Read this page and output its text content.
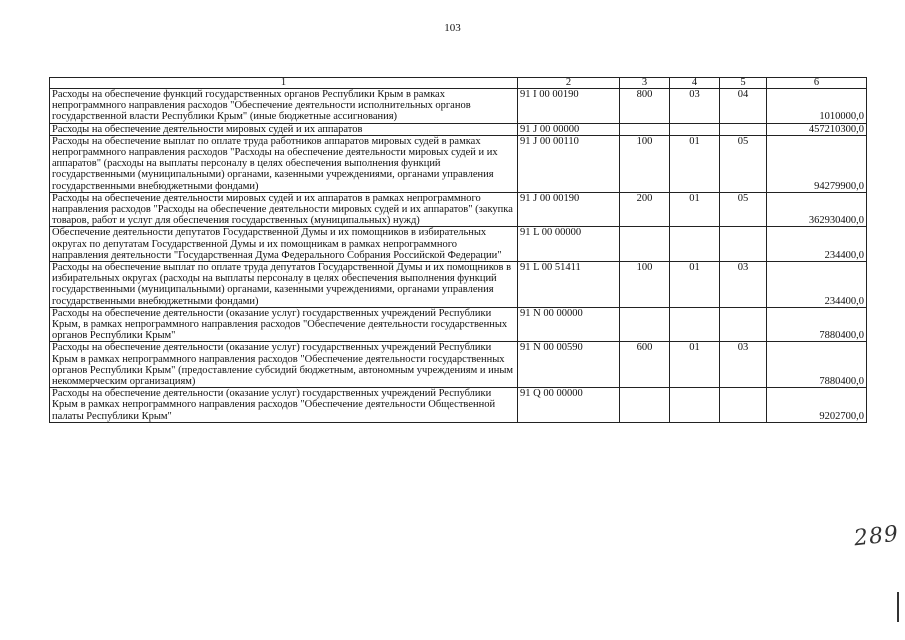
103
1	2	3	4	5	6
Расходы на обеспечение функций государственных органов Республики Крым в рамках непрограммного направления расходов "Обеспечение деятельности исполнительных органов государственной власти Республики Крым" (иные бюджетные ассигнования)	91 I 00 00190	800	03	04	1010000,0
Расходы на обеспечение деятельности мировых судей и их аппаратов	91 J 00 00000				457210300,0
Расходы на обеспечение выплат по оплате труда работников аппаратов мировых судей в рамках непрограммного направления расходов "Расходы на обеспечение деятельности мировых судей и их аппаратов" (расходы на выплаты персоналу в целях обеспечения выполнения функций государственными (муниципальными) органами, казенными учреждениями, органами управления государственными внебюджетными фондами)	91 J 00 00110	100	01	05	94279900,0
Расходы на обеспечение деятельности мировых судей и их аппаратов в рамках непрограммного направления расходов "Расходы на обеспечение деятельности мировых судей и их аппаратов" (закупка товаров, работ и услуг для обеспечения государственных (муниципальных) нужд)	91 J 00 00190	200	01	05	362930400,0
Обеспечение деятельности депутатов Государственной Думы и их помощников в избирательных округах по депутатам Государственной Думы и их помощникам в рамках непрограммного направления деятельности "Государственная Дума Федерального Собрания Российской Федерации"	91 L 00 00000				234400,0
Расходы на обеспечение выплат по оплате труда депутатов Государственной Думы и их помощников в избирательных округах (расходы на выплаты персоналу в целях обеспечения выполнения функций государственными (муниципальными) органами, казенными учреждениями, органами управления государственными внебюджетными фондами)	91 L 00 51411	100	01	03	234400,0
Расходы на обеспечение деятельности (оказание услуг) государственных учреждений Республики Крым, в рамках непрограммного направления расходов "Обеспечение деятельности государственных органов Республики Крым"	91 N 00 00000				7880400,0
Расходы на обеспечение деятельности (оказание услуг) государственных учреждений Республики Крым в рамках непрограммного направления расходов "Обеспечение деятельности государственных органов Республики Крым" (предоставление субсидий бюджетным, автономным учреждениям и иным некоммерческим организациям)	91 N 00 00590	600	01	03	7880400,0
Расходы на обеспечение деятельности (оказание услуг) государственных учреждений Республики Крым в рамках непрограммного направления расходов "Обеспечение деятельности Общественной палаты Республики Крым"	91 Q 00 00000				9202700,0
289
